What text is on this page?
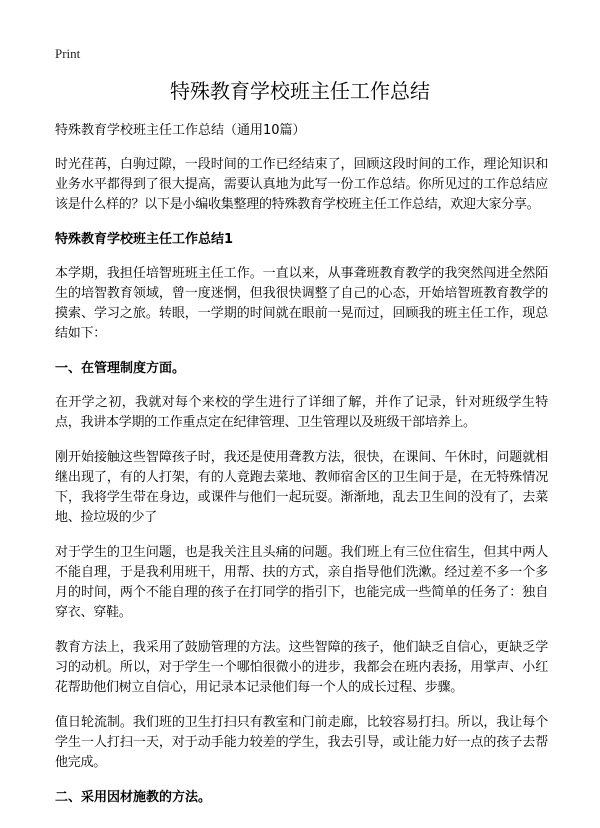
Print
特殊教育学校班主任工作总结

特殊教育学校班主任工作总结（通用10篇）

时光荏苒，白驹过隙，一段时间的工作已经结束了，回顾这段时间的工作，理论知识和业务水平都得到了很大提高，需要认真地为此写一份工作总结。你所见过的工作总结应该是什么样的？以下是小编收集整理的特殊教育学校班主任工作总结，欢迎大家分享。

特殊教育学校班主任工作总结1

本学期，我担任培智班班主任工作。一直以来，从事聋班教育教学的我突然闯进全然陌生的培智教育领域，曾一度迷惘，但我很快调整了自己的心态，开始培智班教育教学的摸索、学习之旅。转眼，一学期的时间就在眼前一晃而过，回顾我的班主任工作，现总结如下：

一、在管理制度方面。

在开学之初，我就对每个来校的学生进行了详细了解，并作了记录，针对班级学生特点，我讲本学期的工作重点定在纪律管理、卫生管理以及班级干部培养上。

刚开始接触这些智障孩子时，我还是使用聋教方法，很快，在课间、午休时，问题就相继出现了，有的人打架，有的人竟跑去菜地、教师宿舍区的卫生间于是，在无特殊情况下，我将学生带在身边，或课件与他们一起玩耍。渐渐地，乱去卫生间的没有了，去菜地、捡垃圾的少了

对于学生的卫生问题，也是我关注且头痛的问题。我们班上有三位住宿生，但其中两人不能自理，于是我利用班干，用帮、扶的方式，亲自指导他们洗漱。经过差不多一个多月的时间，两个不能自理的孩子在打同学的指引下，也能完成一些简单的任务了：独自穿衣、穿鞋。

教育方法上，我采用了鼓励管理的方法。这些智障的孩子，他们缺乏自信心，更缺乏学习的动机。所以，对于学生一个哪怕很微小的进步，我都会在班内表扬，用掌声、小红花帮助他们树立自信心，用记录本记录他们每一个人的成长过程、步骤。

值日轮流制。我们班的卫生打扫只有教室和门前走廊，比较容易打扫。所以，我让每个学生一人打扫一天，对于动手能力较差的学生，我去引导，或让能力好一点的孩子去帮他完成。

二、采用因材施教的方法。
